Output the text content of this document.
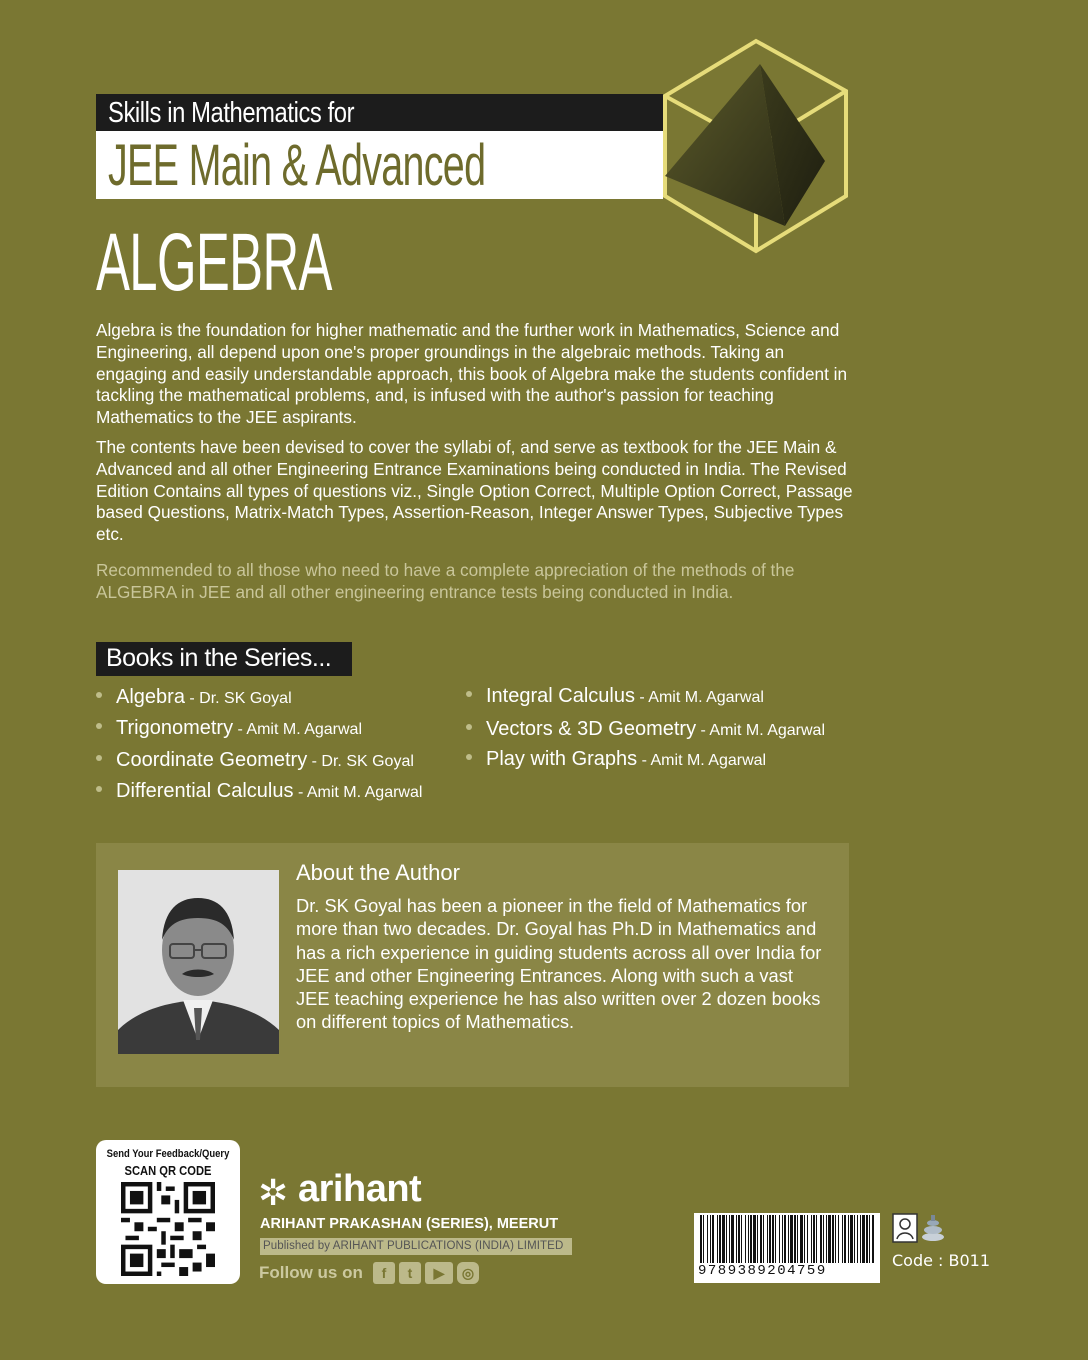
Skills in Mathematics for
JEE Main & Advanced
ALGEBRA
Algebra is the foundation for higher mathematic and the further work in Mathematics, Science and Engineering, all depend upon one's proper groundings in the algebraic methods. Taking an engaging and easily understandable approach, this book of Algebra make the students confident in tackling the mathematical problems, and, is infused with the author's passion for teaching Mathematics to the JEE aspirants.
The contents have been devised to cover the syllabi of, and serve as textbook for the JEE Main & Advanced and all other Engineering Entrance Examinations being conducted in India. The Revised Edition Contains all types of questions viz., Single Option Correct, Multiple Option Correct, Passage based Questions, Matrix-Match Types, Assertion-Reason, Integer Answer Types, Subjective Types etc.
Recommended to all those who need to have a complete appreciation of the methods of the ALGEBRA in JEE and all other engineering entrance tests being conducted in India.
Books in the Series...
Algebra - Dr. SK Goyal
Trigonometry - Amit M. Agarwal
Coordinate Geometry - Dr. SK Goyal
Differential Calculus - Amit M. Agarwal
Integral Calculus - Amit M. Agarwal
Vectors & 3D Geometry - Amit M. Agarwal
Play with Graphs - Amit M. Agarwal
About the Author
Dr. SK Goyal has been a pioneer in the field of Mathematics for more than two decades. Dr. Goyal has Ph.D in Mathematics and has a rich experience in guiding students across all over India for JEE and other Engineering Entrances. Along with such a vast JEE teaching experience he has also written over 2 dozen books on different topics of Mathematics.
Send Your Feedback/Query
SCAN QR CODE
✲ arihant
ARIHANT PRAKASHAN (SERIES), MEERUT
Published by ARIHANT PUBLICATIONS (INDIA) LIMITED
Follow us on	f	t	▶	◎	9789389204759
Code : B011
